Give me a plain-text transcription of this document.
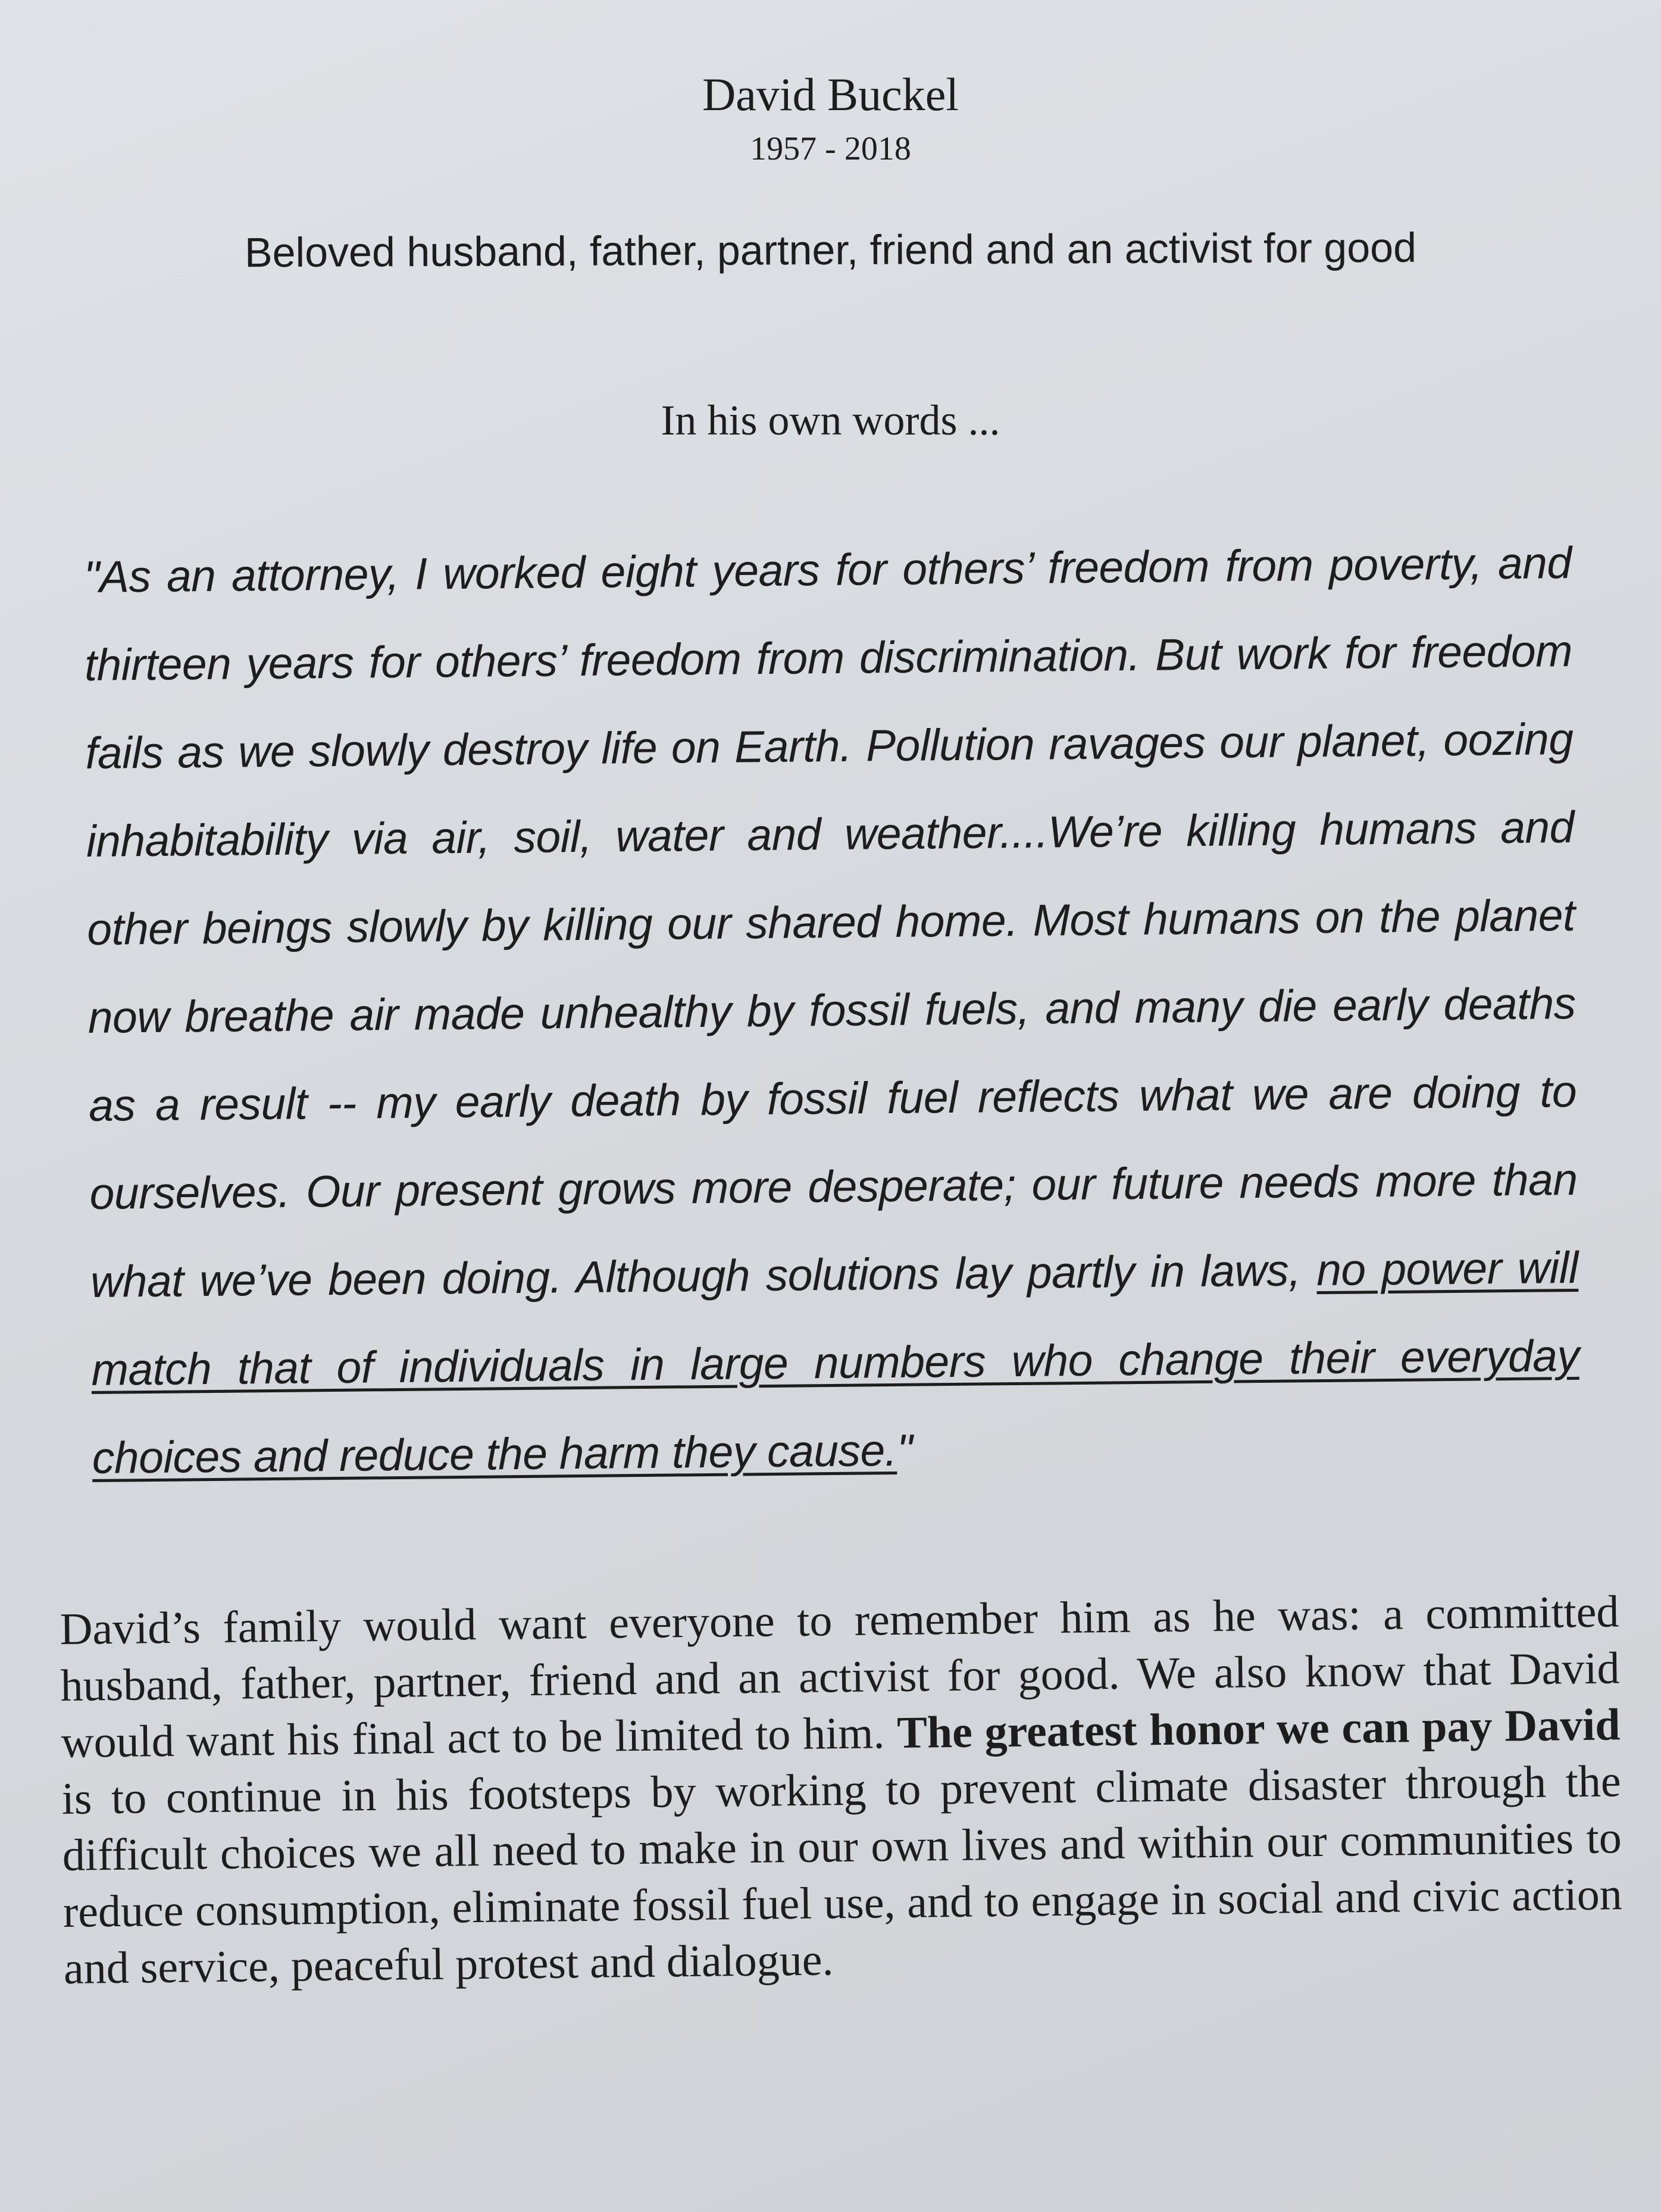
David Buckel
1957 - 2018
Beloved husband, father, partner, friend and an activist for good
In his own words ...
"As an attorney, I worked eight years for others’ freedom from poverty, and thirteen years for others’ freedom from discrimination. But work for freedom fails as we slowly destroy life on Earth. Pollution ravages our planet, oozing inhabitability via air, soil, water and weather....We’re killing humans and other beings slowly by killing our shared home. Most humans on the planet now breathe air made unhealthy by fossil fuels, and many die early deaths as a result -- my early death by fossil fuel reflects what we are doing to ourselves. Our present grows more desperate; our future needs more than what we’ve been doing. Although solutions lay partly in laws, no power will match that of individuals in large numbers who change their everyday choices and reduce the harm they cause."
David’s family would want everyone to remember him as he was: a committed husband, father, partner, friend and an activist for good. We also know that David would want his final act to be limited to him. The greatest honor we can pay David is to continue in his footsteps by working to prevent climate disaster through the difficult choices we all need to make in our own lives and within our communities to reduce consumption, eliminate fossil fuel use, and to engage in social and civic action and service, peaceful protest and dialogue.
